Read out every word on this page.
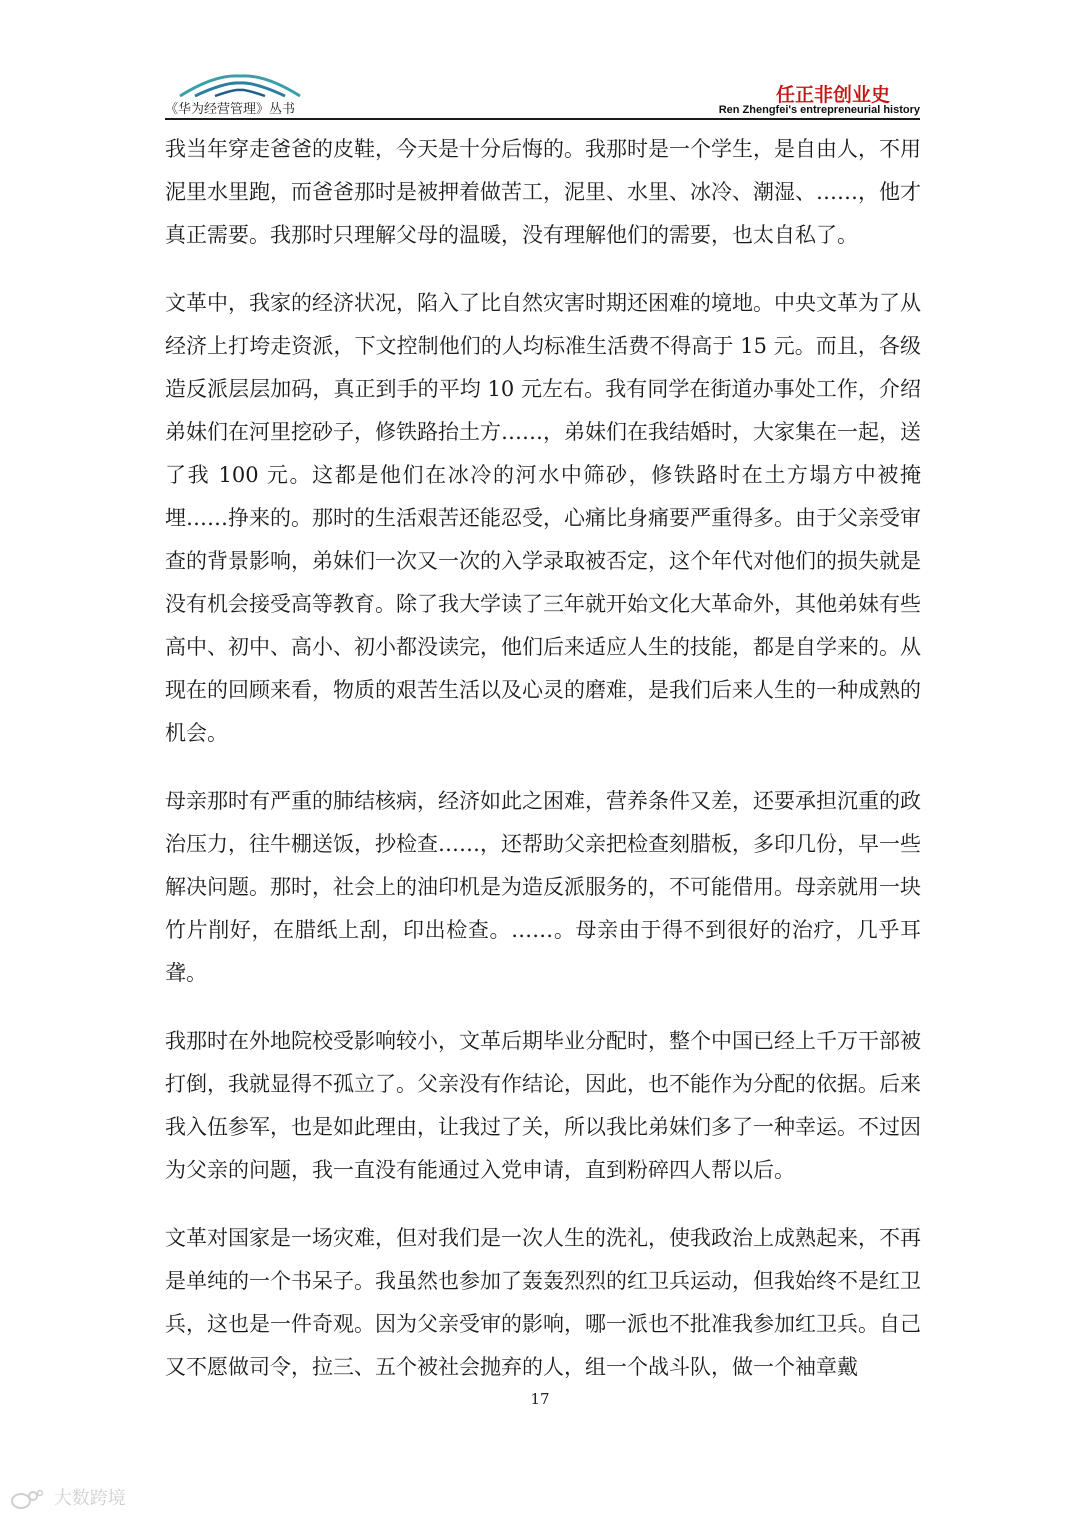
《华为经营管理》丛书
任正非创业史
Ren Zhengfei's entrepreneurial history

我当年穿走爸爸的皮鞋，今天是十分后悔的。我那时是一个学生，是自由人，不用泥里水里跑，而爸爸那时是被押着做苦工，泥里、水里、冰冷、潮湿、……，他才真正需要。我那时只理解父母的温暖，没有理解他们的需要，也太自私了。

文革中，我家的经济状况，陷入了比自然灾害时期还困难的境地。中央文革为了从经济上打垮走资派，下文控制他们的人均标准生活费不得高于 15 元。而且，各级造反派层层加码，真正到手的平均 10 元左右。我有同学在街道办事处工作，介绍弟妹们在河里挖砂子，修铁路抬土方……，弟妹们在我结婚时，大家集在一起，送了我 100 元。这都是他们在冰冷的河水中筛砂，修铁路时在土方塌方中被掩埋……挣来的。那时的生活艰苦还能忍受，心痛比身痛要严重得多。由于父亲受审查的背景影响，弟妹们一次又一次的入学录取被否定，这个年代对他们的损失就是没有机会接受高等教育。除了我大学读了三年就开始文化大革命外，其他弟妹有些高中、初中、高小、初小都没读完，他们后来适应人生的技能，都是自学来的。从现在的回顾来看，物质的艰苦生活以及心灵的磨难，是我们后来人生的一种成熟的机会。

母亲那时有严重的肺结核病，经济如此之困难，营养条件又差，还要承担沉重的政治压力，往牛棚送饭，抄检查……，还帮助父亲把检查刻腊板，多印几份，早一些解决问题。那时，社会上的油印机是为造反派服务的，不可能借用。母亲就用一块竹片削好，在腊纸上刮，印出检查。……。母亲由于得不到很好的治疗，几乎耳聋。

我那时在外地院校受影响较小，文革后期毕业分配时，整个中国已经上千万干部被打倒，我就显得不孤立了。父亲没有作结论，因此，也不能作为分配的依据。后来我入伍参军，也是如此理由，让我过了关，所以我比弟妹们多了一种幸运。不过因为父亲的问题，我一直没有能通过入党申请，直到粉碎四人帮以后。

文革对国家是一场灾难，但对我们是一次人生的洗礼，使我政治上成熟起来，不再是单纯的一个书呆子。我虽然也参加了轰轰烈烈的红卫兵运动，但我始终不是红卫兵，这也是一件奇观。因为父亲受审的影响，哪一派也不批准我参加红卫兵。自己又不愿做司令，拉三、五个被社会抛弃的人，组一个战斗队，做一个袖章戴

17
大数跨境
